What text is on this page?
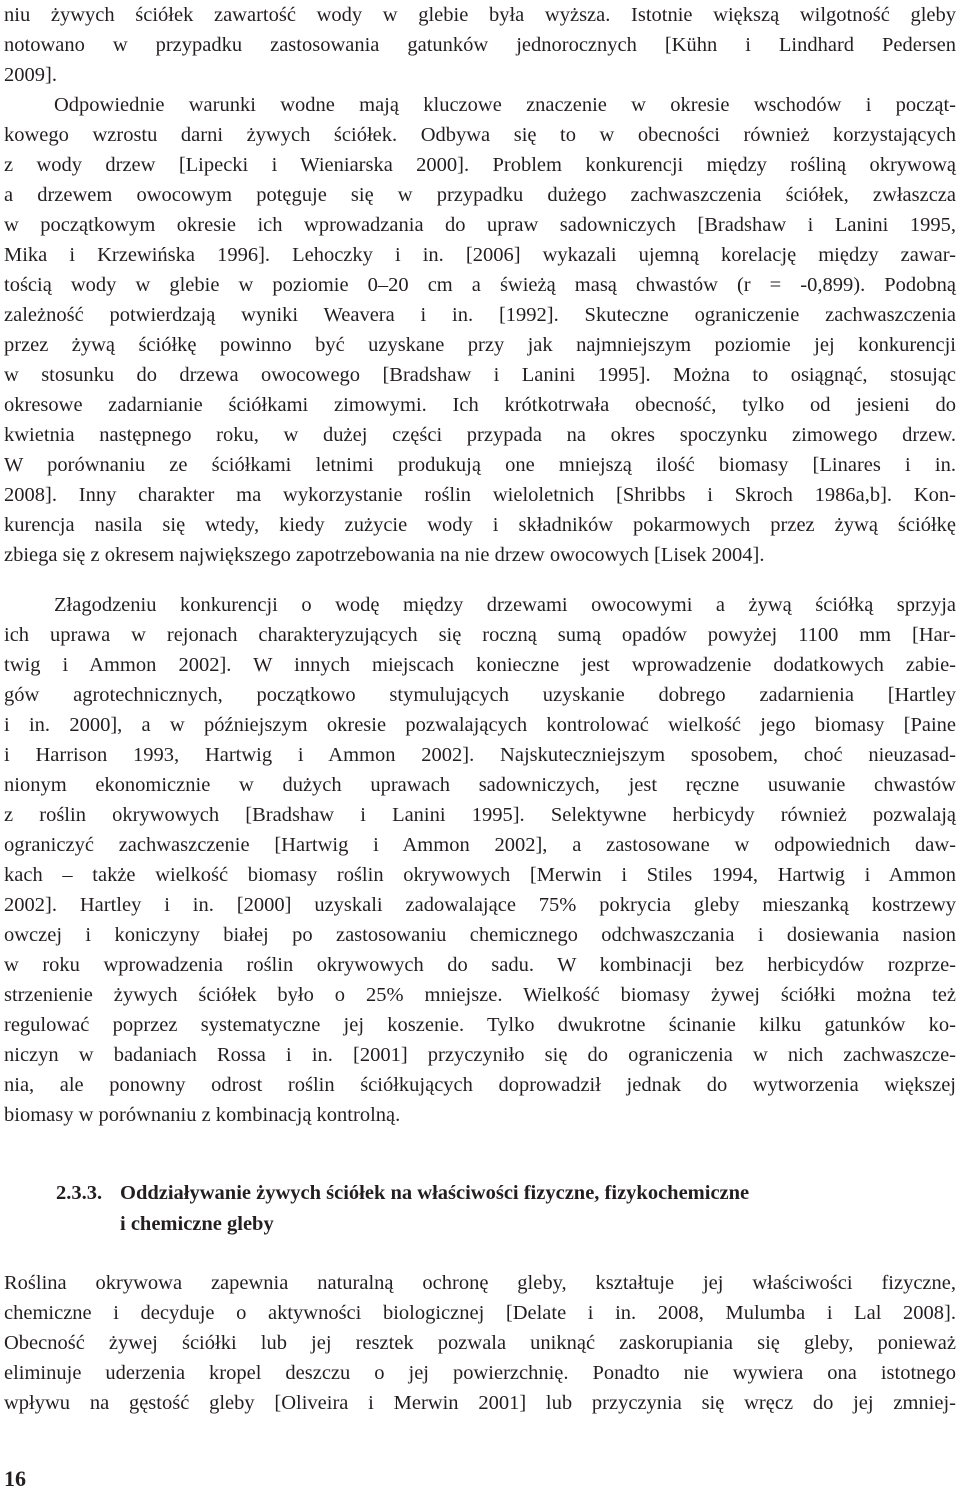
niu żywych ściółek zawartość wody w glebie była wyższa. Istotnie większą wilgotność gleby
notowano w przypadku zastosowania gatunków jednorocznych [Kühn i Lindhard Pedersen
2009].
Odpowiednie warunki wodne mają kluczowe znaczenie w okresie wschodów i począt-
kowego wzrostu darni żywych ściółek. Odbywa się to w obecności również korzystających
z wody drzew [Lipecki i Wieniarska 2000]. Problem konkurencji między rośliną okrywową
a drzewem owocowym potęguje się w przypadku dużego zachwaszczenia ściółek, zwłaszcza
w początkowym okresie ich wprowadzania do upraw sadowniczych [Bradshaw i Lanini 1995,
Mika i Krzewińska 1996]. Lehoczky i in. [2006] wykazali ujemną korelację między zawar-
tością wody w glebie w poziomie 0–20 cm a świeżą masą chwastów (r = -0,899). Podobną
zależność potwierdzają wyniki Weavera i in. [1992]. Skuteczne ograniczenie zachwaszczenia
przez żywą ściółkę powinno być uzyskane przy jak najmniejszym poziomie jej konkurencji
w stosunku do drzewa owocowego [Bradshaw i Lanini 1995]. Można to osiągnąć, stosując
okresowe zadarnianie ściółkami zimowymi. Ich krótkotrwała obecność, tylko od jesieni do
kwietnia następnego roku, w dużej części przypada na okres spoczynku zimowego drzew.
W porównaniu ze ściółkami letnimi produkują one mniejszą ilość biomasy [Linares i in.
2008]. Inny charakter ma wykorzystanie roślin wieloletnich [Shribbs i Skroch 1986a,b]. Kon-
kurencja nasila się wtedy, kiedy zużycie wody i składników pokarmowych przez żywą ściółkę
zbiega się z okresem największego zapotrzebowania na nie drzew owocowych [Lisek 2004].
Złagodzeniu konkurencji o wodę między drzewami owocowymi a żywą ściółką sprzyja
ich uprawa w rejonach charakteryzujących się roczną sumą opadów powyżej 1100 mm [Har-
twig i Ammon 2002]. W innych miejscach konieczne jest wprowadzenie dodatkowych zabie-
gów agrotechnicznych, początkowo stymulujących uzyskanie dobrego zadarnienia [Hartley
i in. 2000], a w późniejszym okresie pozwalających kontrolować wielkość jego biomasy [Paine
i Harrison 1993, Hartwig i Ammon 2002]. Najskuteczniejszym sposobem, choć nieuzasad-
nionym ekonomicznie w dużych uprawach sadowniczych, jest ręczne usuwanie chwastów
z roślin okrywowych [Bradshaw i Lanini 1995]. Selektywne herbicydy również pozwalają
ograniczyć zachwaszczenie [Hartwig i Ammon 2002], a zastosowane w odpowiednich daw-
kach – także wielkość biomasy roślin okrywowych [Merwin i Stiles 1994, Hartwig i Ammon
2002]. Hartley i in. [2000] uzyskali zadowalające 75% pokrycia gleby mieszanką kostrzewy
owczej i koniczyny białej po zastosowaniu chemicznego odchwaszczania i dosiewania nasion
w roku wprowadzenia roślin okrywowych do sadu. W kombinacji bez herbicydów rozprze-
strzenienie żywych ściółek było o 25% mniejsze. Wielkość biomasy żywej ściółki można też
regulować poprzez systematyczne jej koszenie. Tylko dwukrotne ścinanie kilku gatunków ko-
niczyn w badaniach Rossa i in. [2001] przyczyniło się do ograniczenia w nich zachwaszcze-
nia, ale ponowny odrost roślin ściółkujących doprowadził jednak do wytworzenia większej
biomasy w porównaniu z kombinacją kontrolną.
2.3.3. Oddziaływanie żywych ściółek na właściwości fizyczne, fizykochemiczne
i chemiczne gleby
Roślina okrywowa zapewnia naturalną ochronę gleby, kształtuje jej właściwości fizyczne,
chemiczne i decyduje o aktywności biologicznej [Delate i in. 2008, Mulumba i Lal 2008].
Obecność żywej ściółki lub jej resztek pozwala uniknąć zaskorupiania się gleby, ponieważ
eliminuje uderzenia kropel deszczu o jej powierzchnię. Ponadto nie wywiera ona istotnego
wpływu na gęstość gleby [Oliveira i Merwin 2001] lub przyczynia się wręcz do jej zmniej-
16
